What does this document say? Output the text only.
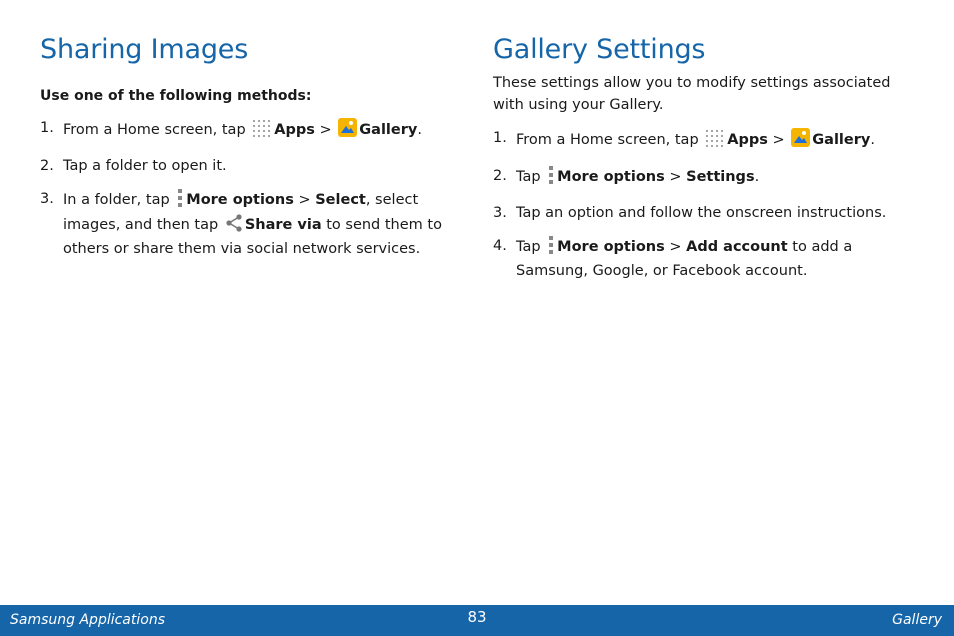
Sharing Images
Use one of the following methods:
1. From a Home screen, tap Apps > Gallery.
2. Tap a folder to open it.
3. In a folder, tap More options > Select, select images, and then tap Share via to send them to others or share them via social network services.
Gallery Settings
These settings allow you to modify settings associated with using your Gallery.
1. From a Home screen, tap Apps > Gallery.
2. Tap More options > Settings.
3. Tap an option and follow the onscreen instructions.
4. Tap More options > Add account to add a Samsung, Google, or Facebook account.
Samsung Applications	83	Gallery
